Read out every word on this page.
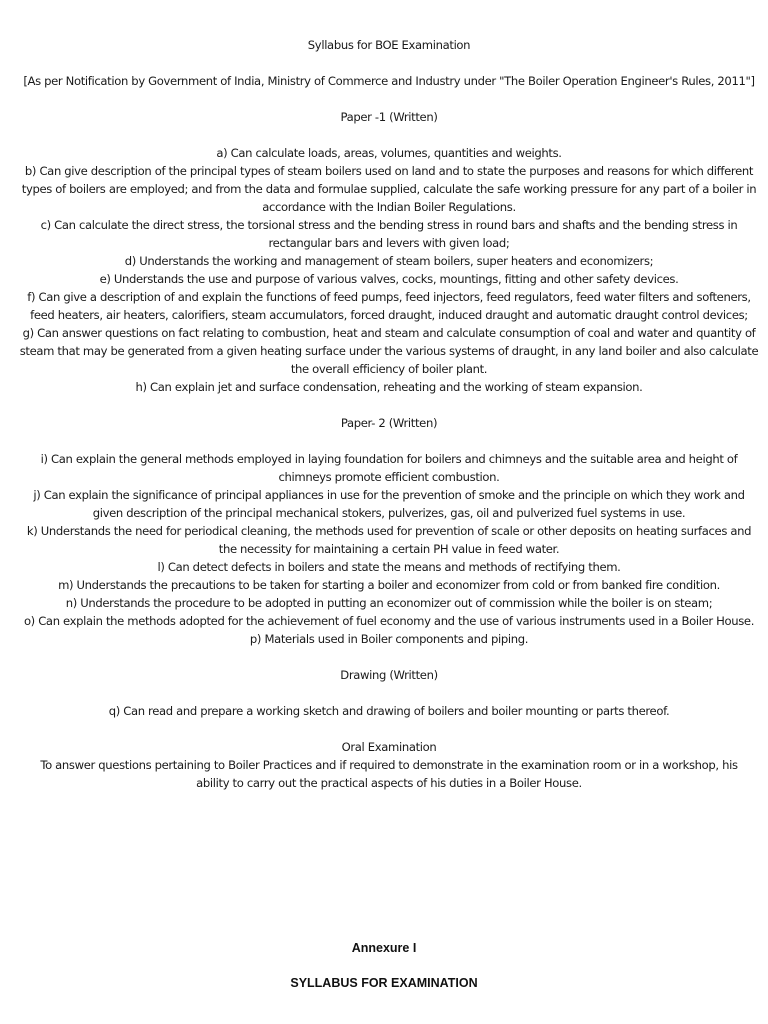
Syllabus for BOE Examination
[As per Notification by Government of India, Ministry of Commerce and Industry under "The Boiler Operation Engineer's Rules, 2011"]
Paper -1 (Written)
a) Can calculate loads, areas, volumes, quantities and weights.
b) Can give description of the principal types of steam boilers used on land and to state the purposes and reasons for which different
types of boilers are employed; and from the data and formulae supplied, calculate the safe working pressure for any part of a boiler in
accordance with the Indian Boiler Regulations.
c) Can calculate the direct stress, the torsional stress and the bending stress in round bars and shafts and the bending stress in
rectangular bars and levers with given load;
d) Understands the working and management of steam boilers, super heaters and economizers;
e) Understands the use and purpose of various valves, cocks, mountings, fitting and other safety devices.
f) Can give a description of and explain the functions of feed pumps, feed injectors, feed regulators, feed water filters and softeners,
feed heaters, air heaters, calorifiers, steam accumulators, forced draught, induced draught and automatic draught control devices;
g) Can answer questions on fact relating to combustion, heat and steam and calculate consumption of coal and water and quantity of
steam that may be generated from a given heating surface under the various systems of draught, in any land boiler and also calculate
the overall efficiency of boiler plant.
h) Can explain jet and surface condensation, reheating and the working of steam expansion.
Paper- 2 (Written)
i) Can explain the general methods employed in laying foundation for boilers and chimneys and the suitable area and height of
chimneys promote efficient combustion.
j) Can explain the significance of principal appliances in use for the prevention of smoke and the principle on which they work and
given description of the principal mechanical stokers, pulverizes, gas, oil and pulverized fuel systems in use.
k) Understands the need for periodical cleaning, the methods used for prevention of scale or other deposits on heating surfaces and
the necessity for maintaining a certain PH value in feed water.
l) Can detect defects in boilers and state the means and methods of rectifying them.
m) Understands the precautions to be taken for starting a boiler and economizer from cold or from banked fire condition.
n) Understands the procedure to be adopted in putting an economizer out of commission while the boiler is on steam;
o) Can explain the methods adopted for the achievement of fuel economy and the use of various instruments used in a Boiler House.
p) Materials used in Boiler components and piping.
Drawing (Written)
q) Can read and prepare a working sketch and drawing of boilers and boiler mounting or parts thereof.
Oral Examination
To answer questions pertaining to Boiler Practices and if required to demonstrate in the examination room or in a workshop, his
ability to carry out the practical aspects of his duties in a Boiler House.
Annexure I
SYLLABUS FOR EXAMINATION
